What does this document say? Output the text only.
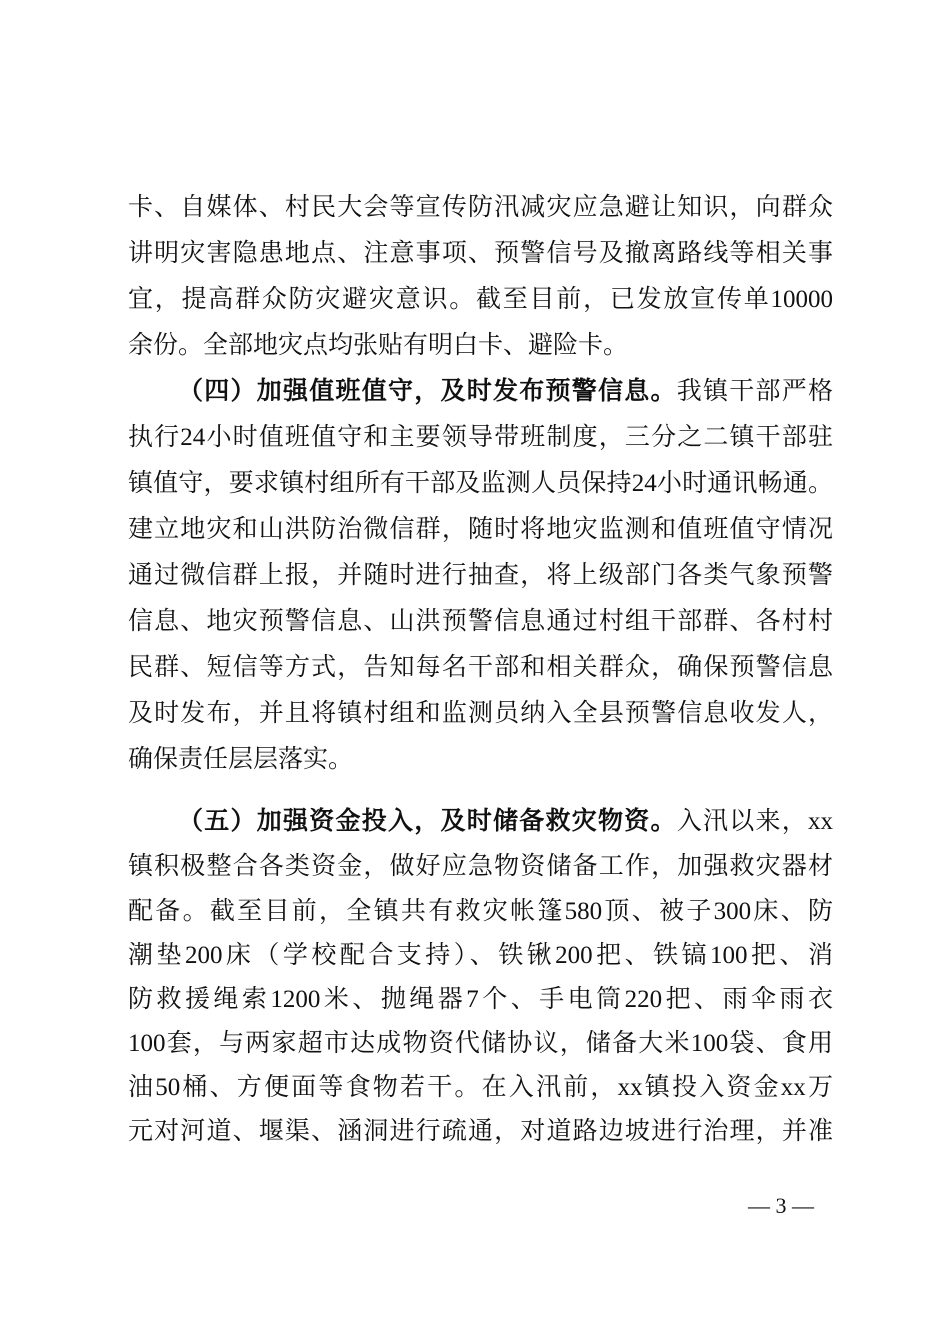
卡、自媒体、村民大会等宣传防汛减灾应急避让知识，向群众
讲明灾害隐患地点、注意事项、预警信号及撤离路线等相关事
宜，提高群众防灾避灾意识。截至目前，已发放宣传单10000
余份。全部地灾点均张贴有明白卡、避险卡。
（四）加强值班值守，及时发布预警信息。我镇干部严格
执行24小时值班值守和主要领导带班制度，三分之二镇干部驻
镇值守，要求镇村组所有干部及监测人员保持24小时通讯畅通。
建立地灾和山洪防治微信群，随时将地灾监测和值班值守情况
通过微信群上报，并随时进行抽查，将上级部门各类气象预警
信息、地灾预警信息、山洪预警信息通过村组干部群、各村村
民群、短信等方式，告知每名干部和相关群众，确保预警信息
及时发布，并且将镇村组和监测员纳入全县预警信息收发人，
确保责任层层落实。
（五）加强资金投入，及时储备救灾物资。入汛以来，xx
镇积极整合各类资金，做好应急物资储备工作，加强救灾器材
配备。截至目前，全镇共有救灾帐篷580顶、被子300床、防
潮垫200床（学校配合支持）、铁锹200把、铁镐100把、消
防救援绳索1200米、抛绳器7个、手电筒220把、雨伞雨衣
100套，与两家超市达成物资代储协议，储备大米100袋、食用
油50桶、方便面等食物若干。在入汛前，xx镇投入资金xx万
元对河道、堰渠、涵洞进行疏通，对道路边坡进行治理，并准
— 3 —
